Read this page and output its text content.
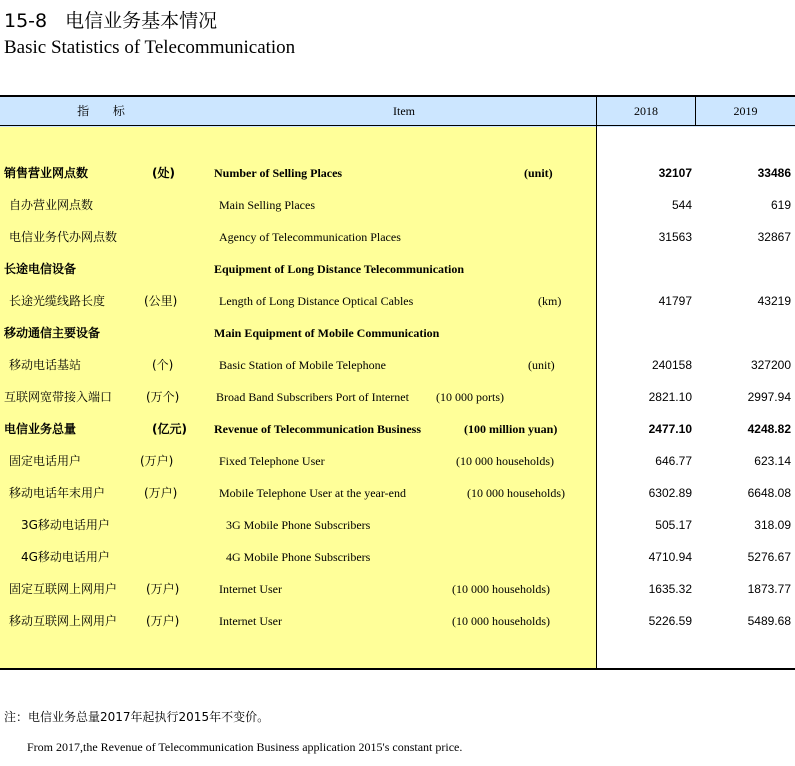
15-8 电信业务基本情况
Basic Statistics of Telecommunication
指 标	Item	2018	2019
销售营业网点数	(处)	Number of Selling Places	(unit)	32107	33486
自办营业网点数	Main Selling Places	544	619
电信业务代办网点数	Agency of Telecommunication Places	31563	32867
长途电信设备	Equipment of Long Distance Telecommunication
长途光缆线路长度	(公里)	Length of Long Distance Optical Cables	(km)	41797	43219
移动通信主要设备	Main Equipment of Mobile Communication
移动电话基站	(个)	Basic Station of Mobile Telephone	(unit)	240158	327200
互联网宽带接入端口	(万个)	Broad Band Subscribers Port of Internet (10 000 ports)	2821.10	2997.94
电信业务总量	(亿元) Revenue of Telecommunication Business	(100 million yuan)	2477.10	4248.82
固定电话用户	(万户)	Fixed Telephone User	(10 000 households)	646.77	623.14
移动电话年末用户	(万户)	Mobile Telephone User at the year-end	(10 000 households)	6302.89	6648.08
3G移动电话用户	3G Mobile Phone Subscribers	505.17	318.09
4G移动电话用户	4G Mobile Phone Subscribers	4710.94	5276.67
固定互联网上网用户 (万户)	Internet User	(10 000 households)	1635.32	1873.77
移动互联网上网用户 (万户)	Internet User	(10 000 households)	5226.59	5489.68
注：电信业务总量2017年起执行2015年不变价。
From 2017,the Revenue of Telecommunication Business application 2015's constant price.
